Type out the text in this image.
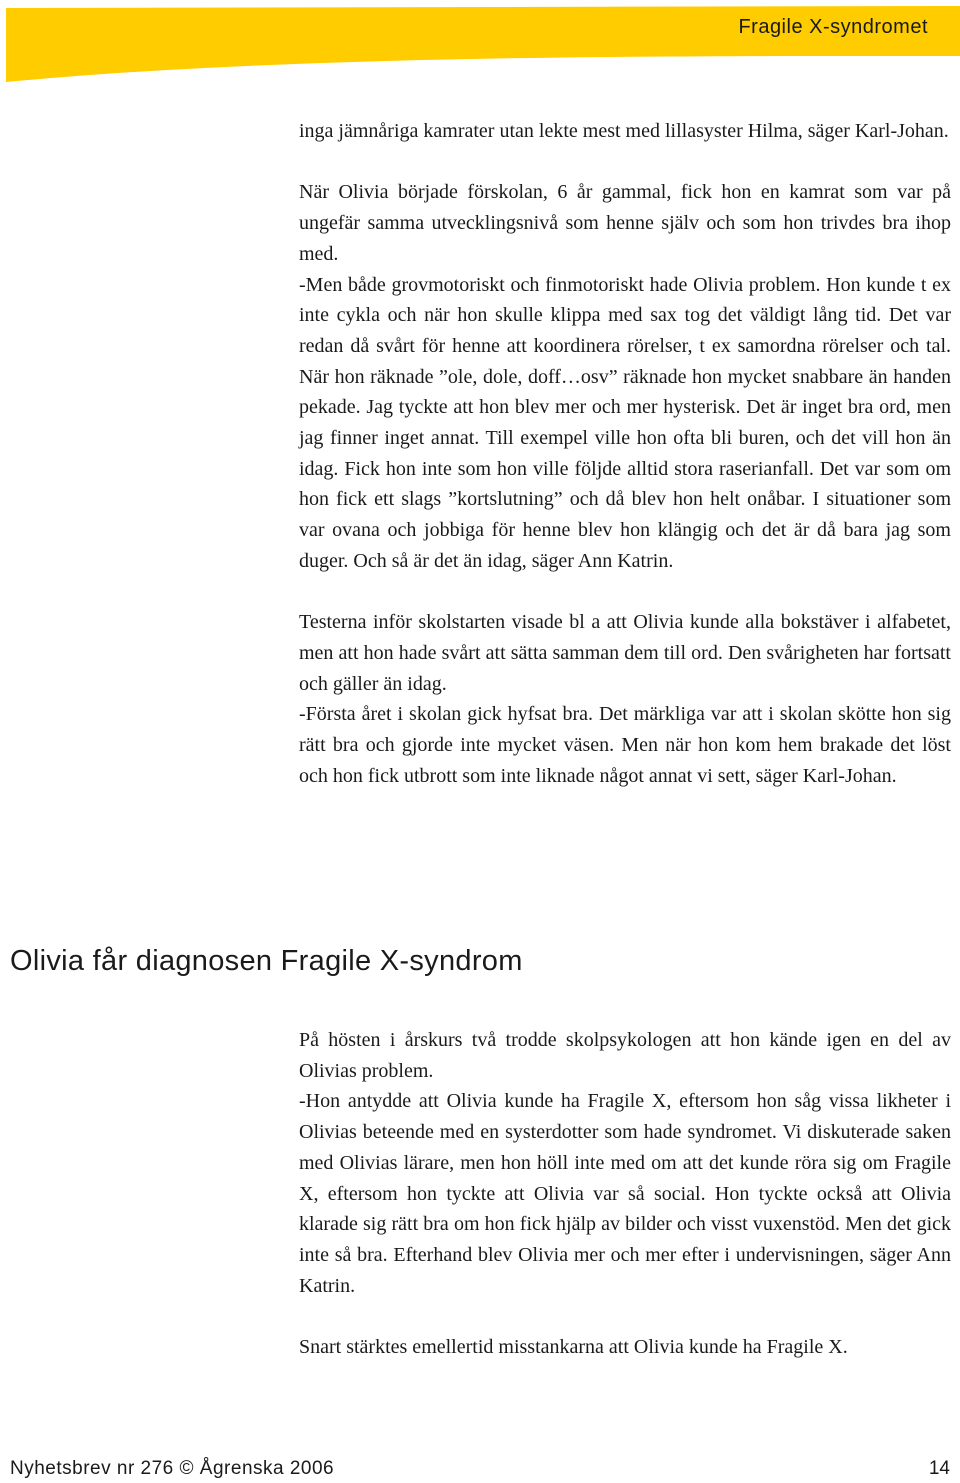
Fragile X-syndromet

inga jämnåriga kamrater utan lekte mest med lillasyster Hilma, säger Karl-Johan.

När Olivia började förskolan, 6 år gammal, fick hon en kamrat som var på ungefär samma utvecklingsnivå som henne själv och som hon trivdes bra ihop med.

-Men både grovmotoriskt och finmotoriskt hade Olivia problem. Hon kunde t ex inte cykla och när hon skulle klippa med sax tog det väldigt lång tid. Det var redan då svårt för henne att koordinera rörelser, t ex samordna rörelser och tal. När hon räknade ”ole, dole, doff…osv” räknade hon mycket snabbare än handen pekade. Jag tyckte att hon blev mer och mer hysterisk. Det är inget bra ord, men jag finner inget annat. Till exempel ville hon ofta bli buren, och det vill hon än idag. Fick hon inte som hon ville följde alltid stora raserianfall. Det var som om hon fick ett slags ”kortslutning” och då blev hon helt onåbar. I situationer som var ovana och jobbiga för henne blev hon klängig och det är då bara jag som duger. Och så är det än idag, säger Ann Katrin.

Testerna inför skolstarten visade bl a att Olivia kunde alla bokstäver i alfabetet, men att hon hade svårt att sätta samman dem till ord. Den svårigheten har fortsatt och gäller än idag.

-Första året i skolan gick hyfsat bra. Det märkliga var att i skolan skötte hon sig rätt bra och gjorde inte mycket väsen. Men när hon kom hem brakade det löst och hon fick utbrott som inte liknade något annat vi sett, säger Karl-Johan.

Olivia får diagnosen Fragile X-syndrom

På hösten i årskurs två trodde skolpsykologen att hon kände igen en del av Olivias problem.

-Hon antydde att Olivia kunde ha Fragile X, eftersom hon såg vissa likheter i Olivias beteende med en systerdotter som hade syndromet. Vi diskuterade saken med Olivias lärare, men hon höll inte med om att det kunde röra sig om Fragile X, eftersom hon tyckte att Olivia var så social. Hon tyckte också att Olivia klarade sig rätt bra om hon fick hjälp av bilder och visst vuxenstöd. Men det gick inte så bra. Efterhand blev Olivia mer och mer efter i undervisningen, säger Ann Katrin.

Snart stärktes emellertid misstankarna att Olivia kunde ha Fragile X.

Nyhetsbrev nr 276 © Ågrenska 2006	14
